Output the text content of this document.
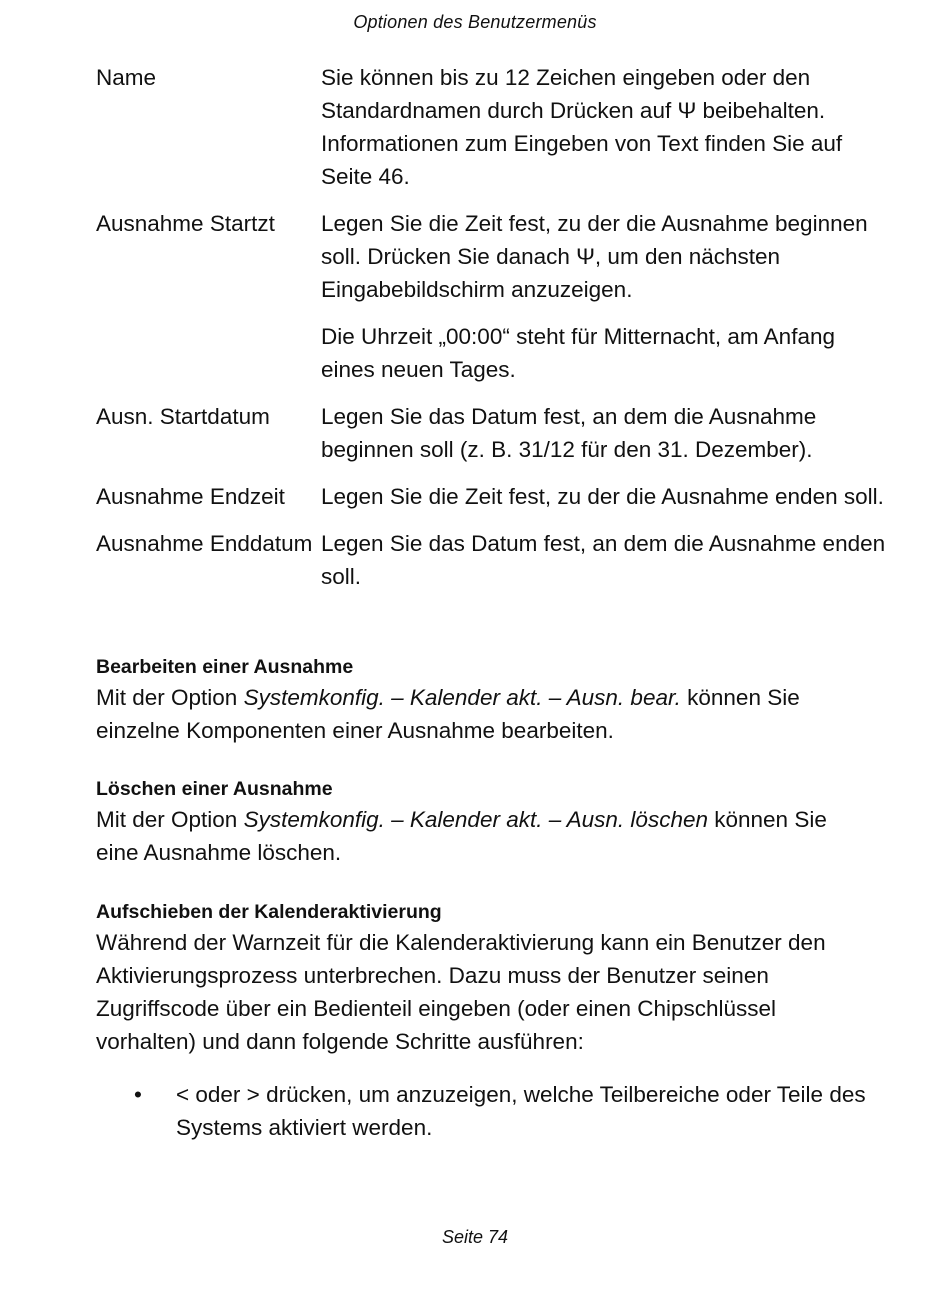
Optionen des Benutzermenüs
Name	Sie können bis zu 12 Zeichen eingeben oder den Standardnamen durch Drücken auf Ψ beibehalten. Informationen zum Eingeben von Text finden Sie auf Seite 46.

Ausnahme Startzt	Legen Sie die Zeit fest, zu der die Ausnahme beginnen soll. Drücken Sie danach Ψ, um den nächsten Eingabebildschirm anzuzeigen.

Die Uhrzeit „00:00“ steht für Mitternacht, am Anfang eines neuen Tages.

Ausn. Startdatum	Legen Sie das Datum fest, an dem die Ausnahme beginnen soll (z. B. 31/12 für den 31. Dezember).

Ausnahme Endzeit	Legen Sie die Zeit fest, zu der die Ausnahme enden soll.

Ausnahme Enddatum Legen Sie das Datum fest, an dem die Ausnahme enden soll.

Bearbeiten einer Ausnahme

Mit der Option Systemkonfig. – Kalender akt. – Ausn. bear. können Sie einzelne Komponenten einer Ausnahme bearbeiten.

Löschen einer Ausnahme

Mit der Option Systemkonfig. – Kalender akt. – Ausn. löschen können Sie eine Ausnahme löschen.

Aufschieben der Kalenderaktivierung

Während der Warnzeit für die Kalenderaktivierung kann ein Benutzer den Aktivierungsprozess unterbrechen. Dazu muss der Benutzer seinen Zugriffscode über ein Bedienteil eingeben (oder einen Chipschlüssel vorhalten) und dann folgende Schritte ausführen:

•	< oder > drücken, um anzuzeigen, welche Teilbereiche oder Teile des Systems aktiviert werden.
Seite 74
